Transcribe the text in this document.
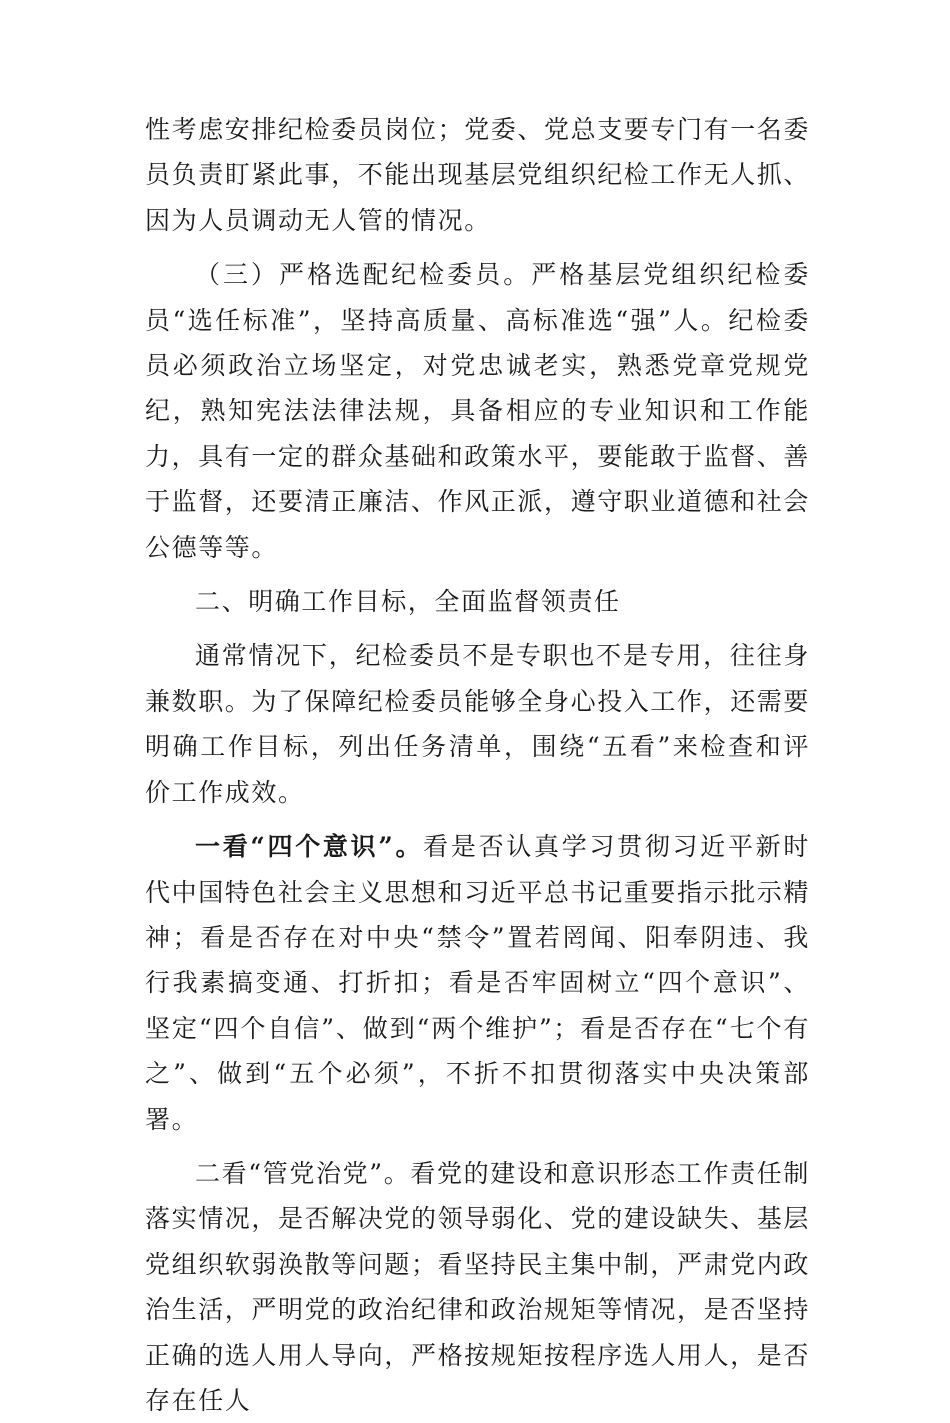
性考虑安排纪检委员岗位；党委、党总支要专门有一名委员负责盯紧此事，不能出现基层党组织纪检工作无人抓、因为人员调动无人管的情况。

（三）严格选配纪检委员。严格基层党组织纪检委员“选任标准”，坚持高质量、高标准选“强”人。纪检委员必须政治立场坚定，对党忠诚老实，熟悉党章党规党纪，熟知宪法法律法规，具备相应的专业知识和工作能力，具有一定的群众基础和政策水平，要能敢于监督、善于监督，还要清正廉洁、作风正派，遵守职业道德和社会公德等等。

二、明确工作目标，全面监督领责任

通常情况下，纪检委员不是专职也不是专用，往往身兼数职。为了保障纪检委员能够全身心投入工作，还需要明确工作目标，列出任务清单，围绕“五看”来检查和评价工作成效。

一看“四个意识”。看是否认真学习贯彻习近平新时代中国特色社会主义思想和习近平总书记重要指示批示精神；看是否存在对中央“禁令”置若罔闻、阳奉阴违、我行我素搞变通、打折扣；看是否牢固树立“四个意识”、坚定“四个自信”、做到“两个维护”；看是否存在“七个有之”、做到“五个必须”，不折不扣贯彻落实中央决策部署。

二看“管党治党”。看党的建设和意识形态工作责任制落实情况，是否解决党的领导弱化、党的建设缺失、基层党组织软弱涣散等问题；看坚持民主集中制，严肃党内政治生活，严明党的政治纪律和政治规矩等情况，是否坚持正确的选人用人导向，严格按规矩按程序选人用人，是否存在任人
